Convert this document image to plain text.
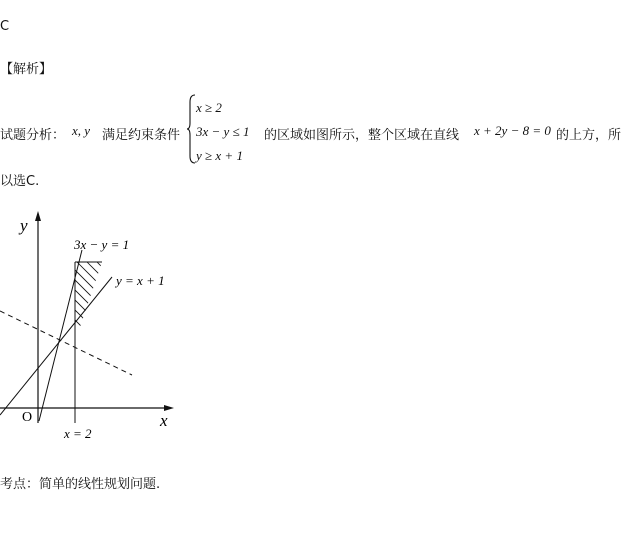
C
【解析】
试题分析： x, y 满足约束条件
x ≥ 2
3x − y ≤ 1
y ≥ x + 1
的区域如图所示，整个区域在直线 x + 2y − 8 = 0 的上方，所
以选C.
y
x
O
3x − y = 1
y = x + 1
x = 2
考点：简单的线性规划问题.
